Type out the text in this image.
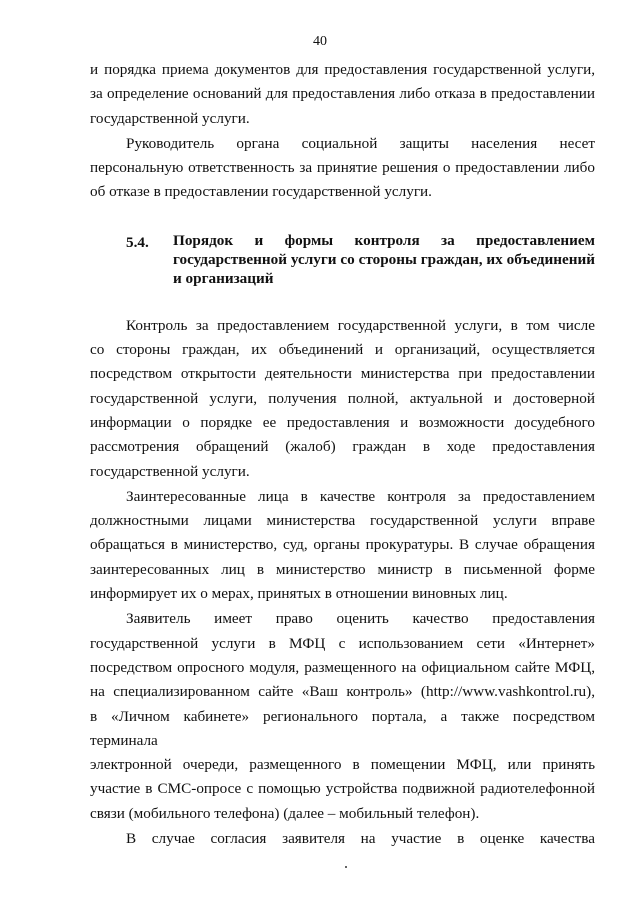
40

и порядка приема документов для предоставления государственной услуги,

за определение оснований для предоставления либо отказа в предоставлении

государственной услуги.

Руководитель органа социальной защиты населения несет

персональную ответственность за принятие решения о предоставлении либо

об отказе в предоставлении государственной услуги.

5.4.	Порядок и формы контроля за предоставлением
государственной услуги со стороны граждан, их объединений
и организаций

Контроль за предоставлением государственной услуги, в том числе

со стороны граждан, их объединений и организаций, осуществляется

посредством открытости деятельности министерства при предоставлении

государственной услуги, получения полной, актуальной и достоверной

информации о порядке ее предоставления и возможности досудебного

рассмотрения обращений (жалоб) граждан в ходе предоставления

государственной услуги.

Заинтересованные лица в качестве контроля за предоставлением

должностными лицами министерства государственной услуги вправе

обращаться в министерство, суд, органы прокуратуры. В случае обращения

заинтересованных лиц в министерство министр в письменной форме

информирует их о мерах, принятых в отношении виновных лиц.

Заявитель имеет право оценить качество предоставления

государственной услуги в МФЦ с использованием сети «Интернет»

посредством опросного модуля, размещенного на официальном сайте МФЦ,

на специализированном сайте «Ваш контроль» (http://www.vashkontrol.ru),

в «Личном кабинете» регионального портала, а также посредством терминала

электронной очереди, размещенного в помещении МФЦ, или принять

участие в СМС-опросе с помощью устройства подвижной радиотелефонной

связи (мобильного телефона) (далее – мобильный телефон).

В случае согласия заявителя на участие в оценке качества
